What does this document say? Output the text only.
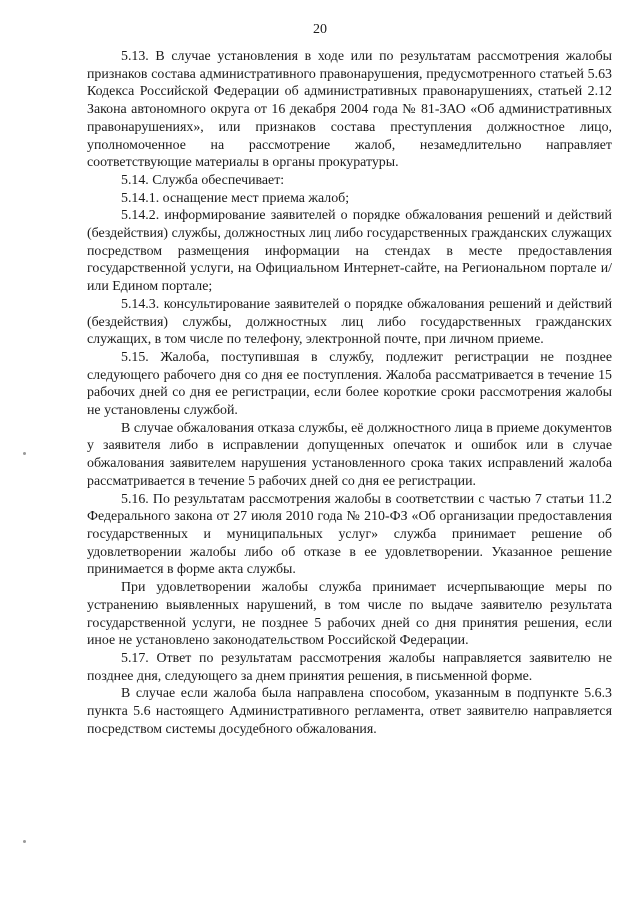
20

5.13. В случае установления в ходе или по результатам рассмотрения жалобы признаков состава административного правонарушения, предусмотренного статьей 5.63 Кодекса Российской Федерации об административных правонарушениях, статьей 2.12 Закона автономного округа от 16 декабря 2004 года № 81-ЗАО «Об административных правонарушениях», или признаков состава преступления должностное лицо, уполномоченное на рассмотрение жалоб, незамедлительно направляет соответствующие материалы в органы прокуратуры.

5.14. Служба обеспечивает:

5.14.1. оснащение мест приема жалоб;

5.14.2. информирование заявителей о порядке обжалования решений и действий (бездействия) службы, должностных лиц либо государственных гражданских служащих посредством размещения информации на стендах в месте предоставления государственной услуги, на Официальном Интернет-сайте, на Региональном портале и/или Едином портале;

5.14.3. консультирование заявителей о порядке обжалования решений и действий (бездействия) службы, должностных лиц либо государственных гражданских служащих, в том числе по телефону, электронной почте, при личном приеме.

5.15. Жалоба, поступившая в службу, подлежит регистрации не позднее следующего рабочего дня со дня ее поступления. Жалоба рассматривается в течение 15 рабочих дней со дня ее регистрации, если более короткие сроки рассмотрения жалобы не установлены службой.

В случае обжалования отказа службы, её должностного лица в приеме документов у заявителя либо в исправлении допущенных опечаток и ошибок или в случае обжалования заявителем нарушения установленного срока таких исправлений жалоба рассматривается в течение 5 рабочих дней со дня ее регистрации.

5.16. По результатам рассмотрения жалобы в соответствии с частью 7 статьи 11.2 Федерального закона от 27 июля 2010 года № 210-ФЗ «Об организации предоставления государственных и муниципальных услуг» служба принимает решение об удовлетворении жалобы либо об отказе в ее удовлетворении. Указанное решение принимается в форме акта службы.

При удовлетворении жалобы служба принимает исчерпывающие меры по устранению выявленных нарушений, в том числе по выдаче заявителю результата государственной услуги, не позднее 5 рабочих дней со дня принятия решения, если иное не установлено законодательством Российской Федерации.

5.17. Ответ по результатам рассмотрения жалобы направляется заявителю не позднее дня, следующего за днем принятия решения, в письменной форме.

В случае если жалоба была направлена способом, указанным в подпункте 5.6.3 пункта 5.6 настоящего Административного регламента, ответ заявителю направляется посредством системы досудебного обжалования.
